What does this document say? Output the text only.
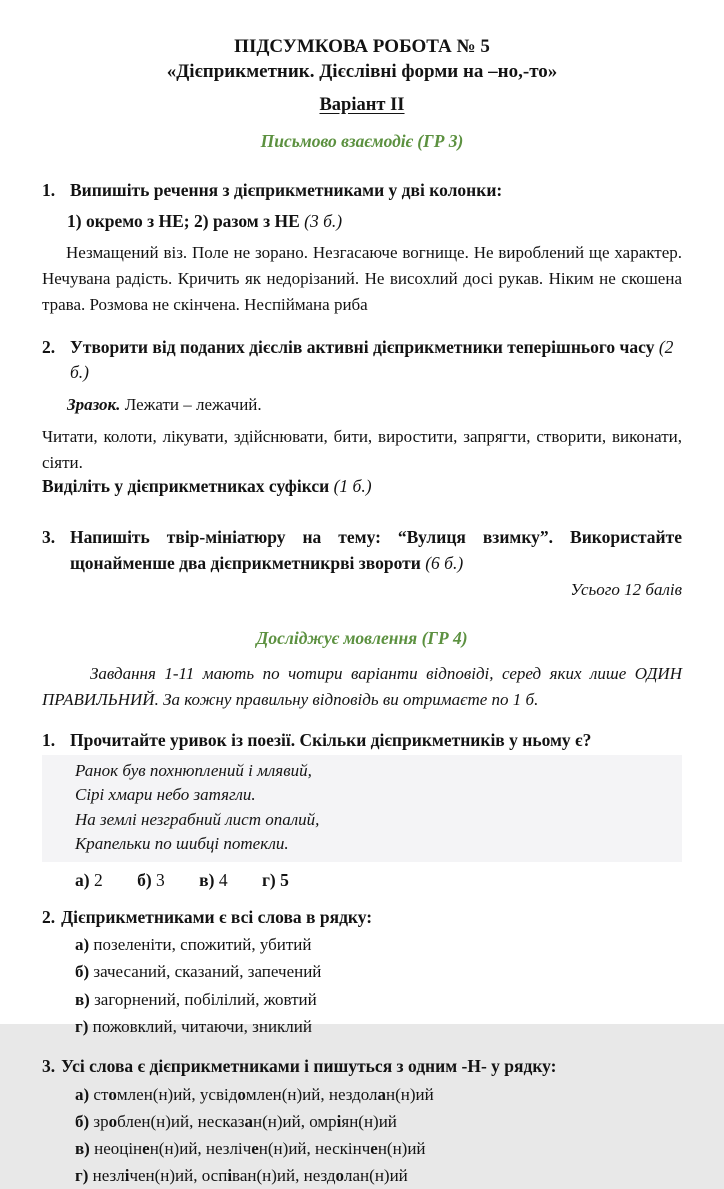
ПІДСУМКОВА РОБОТА № 5
«Дієприкметник. Дієслівні форми на –но,-то»
Варіант ІІ
Письмово взаємодіє (ГР 3)
1. Випишіть речення з дієприкметниками у дві колонки:
1) окремо з НЕ; 2) разом з НЕ (3 б.)

Незмащений віз. Поле не зорано. Незгасаюче вогнище. Не вироблений ще характер. Нечувана радість. Кричить як недорізаний. Не висохлий досі рукав. Ніким не скошена трава. Розмова не скінчена. Неспіймана риба

2. Утворити від поданих дієслів активні дієприкметники теперішнього часу (2 б.)
Зразок. Лежати – лежачий.

Читати, колоти, лікувати, здійснювати, бити, виростити, запрягти, створити, виконати, сіяти.

Виділіть у дієприкметниках суфікси (1 б.)
3. Напишіть твір-мініатюру на тему: “Вулиця взимку”. Використайте щонайменше два дієприкметникрві звороти (6 б.)
Усього 12 балів
Досліджує мовлення (ГР 4)

Завдання 1-11 мають по чотири варіанти відповіді, серед яких лише ОДИН ПРАВИЛЬНИЙ. За кожну правильну відповідь ви отримаєте по 1 б.

1. Прочитайте уривок із поезії. Скільки дієприкметників у ньому є?
Ранок був похнюплений і млявий,
Сірі хмари небо затягли.
На землі незграбний лист опалий,
Крапельки по шибці потекли.
а) 2 б) 3 в) 4 г) 5
2. Дієприкметниками є всі слова в рядку:
а) позеленіти, спожитий, убитий
б) зачесаний, сказаний, запечений
в) загорнений, побілілий, жовтий
г) пожовклий, читаючи, зниклий
3. Усі слова є дієприкметниками і пишуться з одним -Н- у рядку:
а) стомлен(н)ий, усвідомлен(н)ий, нездолан(н)ий
б) зроблен(н)ий, несказан(н)ий, омріян(н)ий
в) неоцінен(н)ий, незлічен(н)ий, нескінчен(н)ий
г) незлічен(н)ий, оспіван(н)ий, нездолан(н)ий
